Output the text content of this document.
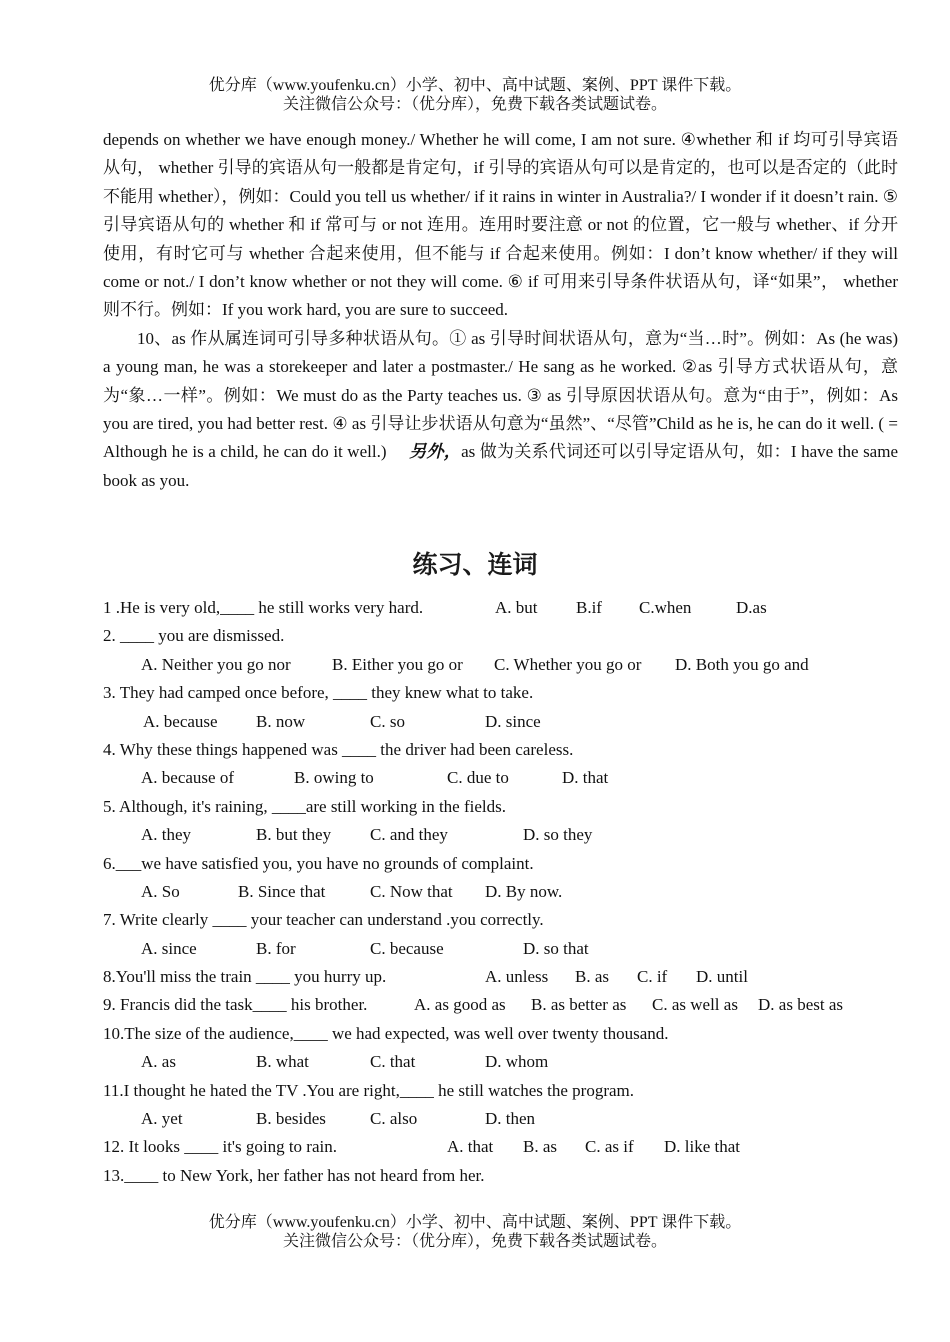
优分库（www.youfenku.cn）小学、初中、高中试题、案例、PPT 课件下载。
关注微信公众号：（优分库），免费下载各类试题试卷。

depends on whether we have enough money./ Whether he will come, I am not sure. ④whether 和 if 均可引导宾语从句， whether 引导的宾语从句一般都是肯定句，if 引导的宾语从句可以是肯定的，也可以是否定的（此时不能用 whether），例如：Could you tell us whether/ if it rains in winter in Australia?/ I wonder if it doesn’t rain. ⑤ 引导宾语从句的 whether 和 if 常可与 or not 连用。连用时要注意 or not 的位置，它一般与 whether、if 分开使用，有时它可与 whether 合起来使用，但不能与 if 合起来使用。例如：I don’t know whether/ if they will come or not./ I don’t know whether or not they will come. ⑥ if 可用来引导条件状语从句，译“如果”， whether 则不行。例如：If you work hard, you are sure to succeed.

10、as 作从属连词可引导多种状语从句。① as 引导时间状语从句，意为“当…时”。例如：As (he was) a young man, he was a storekeeper and later a postmaster./ He sang as he worked. ②as 引导方式状语从句，意为“象…一样”。例如：We must do as the Party teaches us. ③ as 引导原因状语从句。意为“由于”，例如：As you are tired, you had better rest. ④ as 引导让步状语从句意为“虽然”、“尽管”Child as he is, he can do it well. ( = Although he is a child, he can do it well.) 另外，as 做为关系代词还可以引导定语从句，如：I have the same book as you.

练习、连词
1 .He is very old,____ he still works very hard.	A. but B.if C.when	D.as
2. ____ you are dismissed.
A. Neither you go nor B. Either you go or C. Whether you go or D. Both you go and
3. They had camped once before, ____ they knew what to take.
A. because B. now	C. so	D. since
4. Why these things happened was ____ the driver had been careless.
A. because of	B. owing to	C. due to	D. that
5. Although, it's raining, ____are still working in the fields.
A. they	B. but they C. and they	D. so they
6.___we have satisfied you, you have no grounds of complaint.
A. So	B. Since that	C. Now that D. By now.
7. Write clearly ____ your teacher can understand .you correctly.
A. since	B. for	C. because	D. so that
8.You'll miss the train ____ you hurry up.	A. unless B. as C. if D. until
9. Francis did the task____ his brother.	A. as good as B. as better as C. as well as D. as best as
10.The size of the audience,____ we had expected, was well over twenty thousand.
A. as	B. what	C. that	D. whom
11.I thought he hated the TV .You are right,____ he still watches the program.
A. yet	B. besides	C. also	D. then
12. It looks ____ it's going to rain.	A. that B. as C. as if D. like that
13.____ to New York, her father has not heard from her.
优分库（www.youfenku.cn）小学、初中、高中试题、案例、PPT 课件下载。
关注微信公众号：（优分库），免费下载各类试题试卷。
